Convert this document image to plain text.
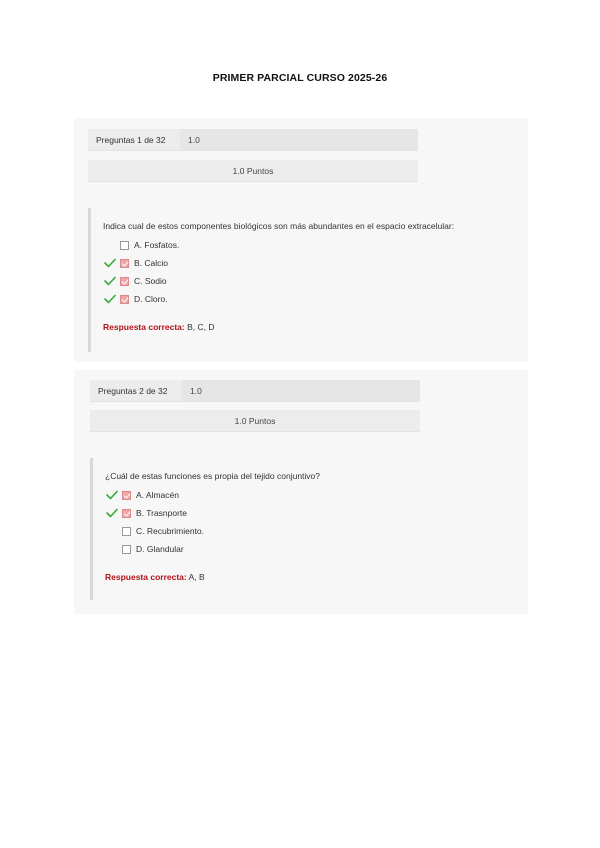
PRIMER PARCIAL CURSO 2025-26
Preguntas 1 de 32	1.0
1.0 Puntos
Indica cual de estos componentes biológicos son más abundantes en el espacio extracelular:
A. Fosfatos.
B. Calcio
C. Sodio
D. Cloro.
Respuesta correcta: B, C, D
Preguntas 2 de 32	1.0
1.0 Puntos
¿Cuál de estas funciones es propia del tejido conjuntivo?
A. Almacén
B. Trasnporte
C. Recubrimiento.
D. Glandular
Respuesta correcta: A, B
